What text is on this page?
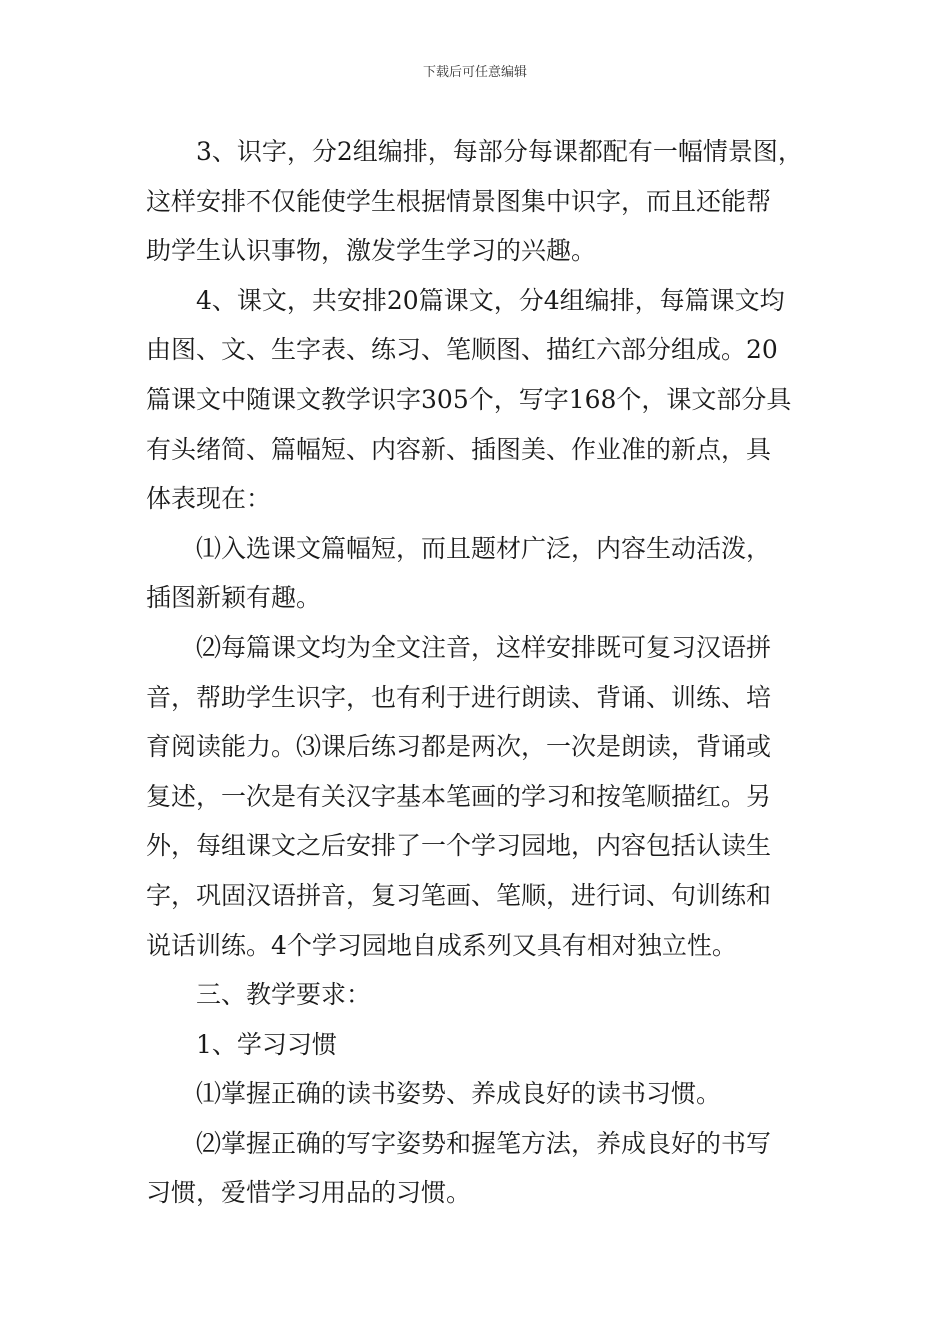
下载后可任意编辑
3、识字，分2组编排，每部分每课都配有一幅情景图，
这样安排不仅能使学生根据情景图集中识字，而且还能帮
助学生认识事物，激发学生学习的兴趣。
4、课文，共安排20篇课文，分4组编排，每篇课文均
由图、文、生字表、练习、笔顺图、描红六部分组成。20
篇课文中随课文教学识字305个，写字168个，课文部分具
有头绪简、篇幅短、内容新、插图美、作业准的新点，具
体表现在：
⑴入选课文篇幅短，而且题材广泛，内容生动活泼，
插图新颖有趣。
⑵每篇课文均为全文注音，这样安排既可复习汉语拼
音，帮助学生识字，也有利于进行朗读、背诵、训练、培
育阅读能力。⑶课后练习都是两次，一次是朗读，背诵或
复述，一次是有关汉字基本笔画的学习和按笔顺描红。另
外，每组课文之后安排了一个学习园地，内容包括认读生
字，巩固汉语拼音，复习笔画、笔顺，进行词、句训练和
说话训练。4个学习园地自成系列又具有相对独立性。
三、教学要求：
1、学习习惯
⑴掌握正确的读书姿势、养成良好的读书习惯。
⑵掌握正确的写字姿势和握笔方法，养成良好的书写
习惯，爱惜学习用品的习惯。
